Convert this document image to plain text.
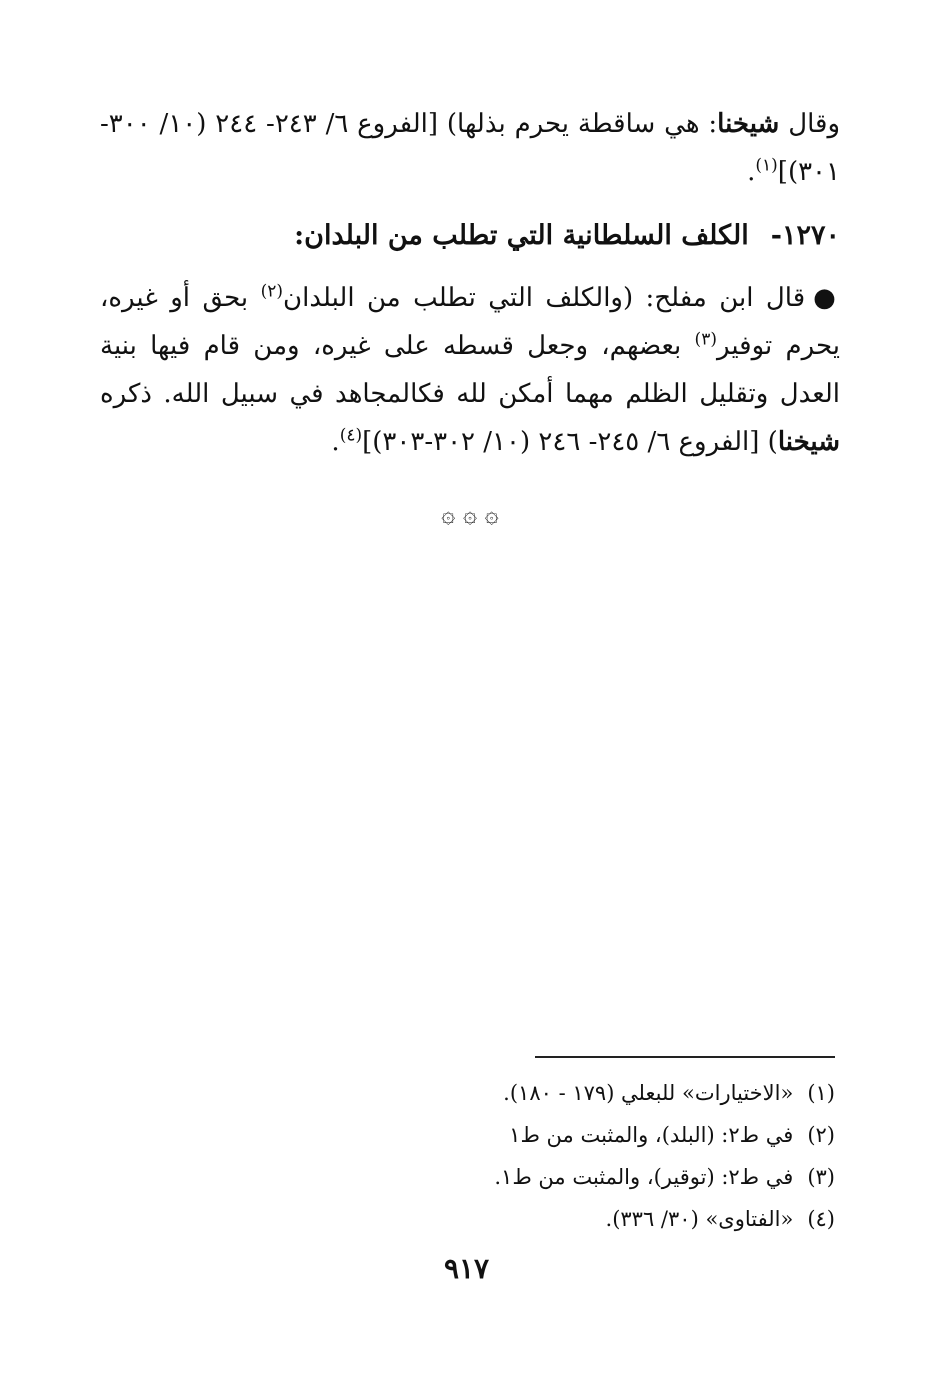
وقال شيخنا: هي ساقطة يحرم بذلها) [الفروع ٦/ ٢٤٣- ٢٤٤ (١٠/ ٣٠٠- ٣٠١)]$^{(١)}$.

١٢٧٠-الكلف السلطانية التي تطلب من البلدان:

●قال ابن مفلح: (والكلف التي تطلب من البلدان$^{(٢)}$ بحق أو غيره، يحرم توفير$^{(٣)}$ بعضهم، وجعل قسطه على غيره، ومن قام فيها بنية العدل وتقليل الظلم مهما أمكن لله فكالمجاهد في سبيل الله. ذكره شيخنا) [الفروع ٦/ ٢٤٥- ٢٤٦ (١٠/ ٣٠٢-٣٠٣)]$^{(٤)}$.

۞ ۞ ۞
(١)«الاختيارات» للبعلي (١٧٩ - ١٨٠).
(٢)في ط٢: (البلد)، والمثبت من ط١
(٣)في ط٢: (توقير)، والمثبت من ط١.
(٤)«الفتاوى» (٣٠/ ٣٣٦).
٩١٧
